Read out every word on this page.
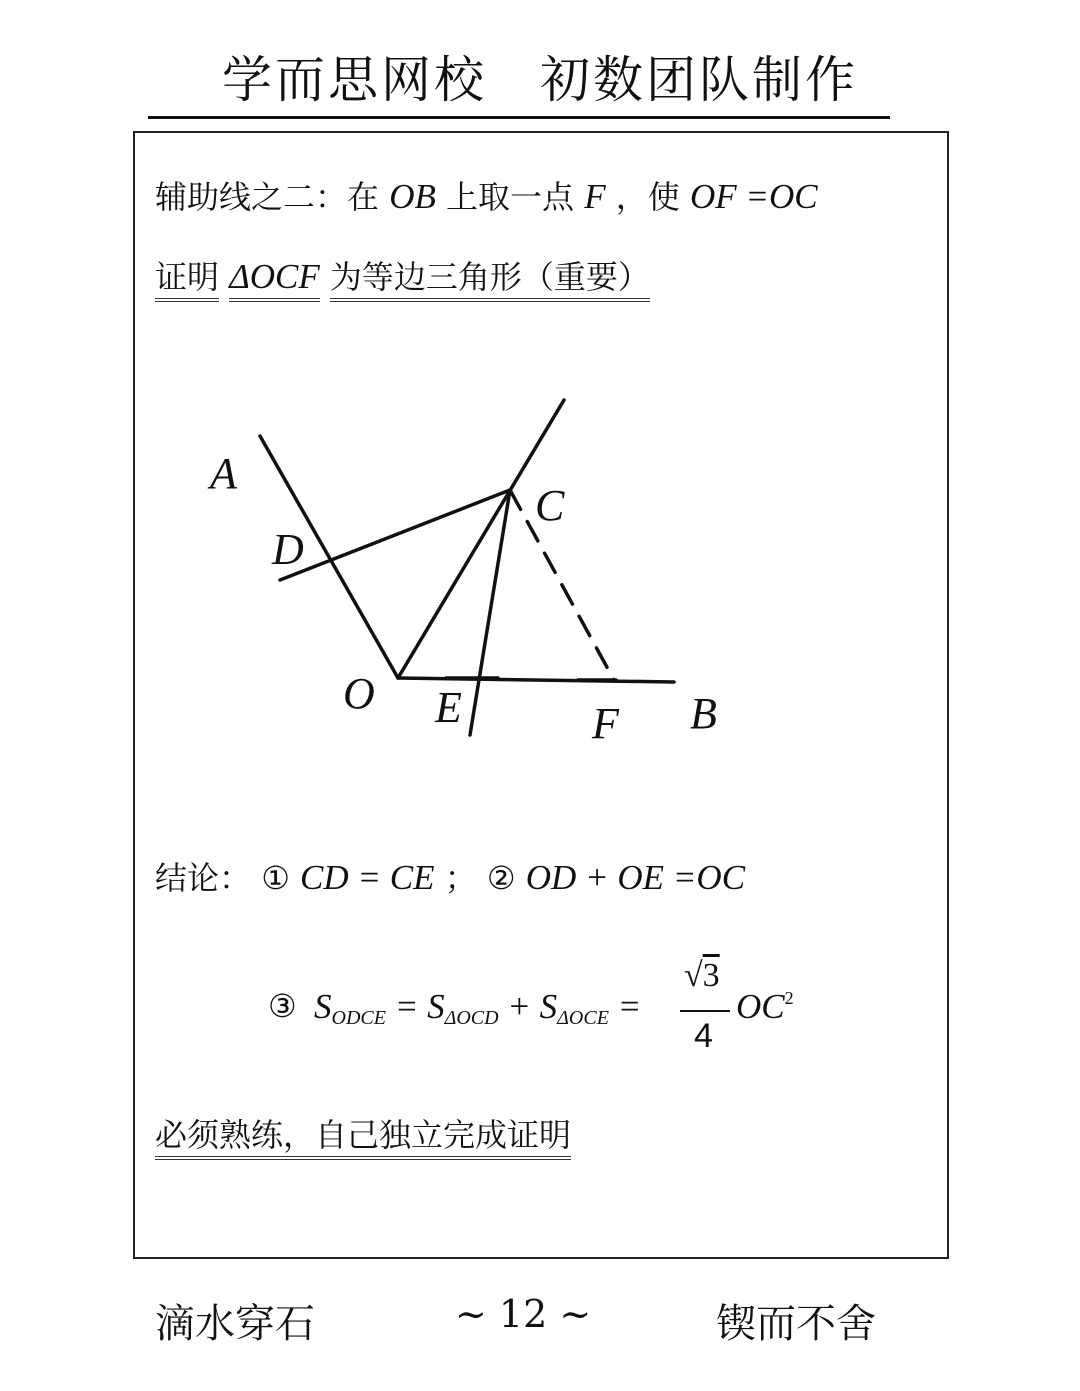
学而思网校　初数团队制作
辅助线之二：在 OB 上取一点 F ，使 OF =OC
证明 ΔOCF 为等边三角形（重要）
A
C
D
O E	F B
结论： ① CD = CE ； ② OD + OE =OC
③ $S_{ODCE} = S_{\Delta OCD} + S_{\Delta OCE}$ =
√3
4
$OC^2$
必须熟练，自己独立完成证明
滴水穿石	~ 12 ~	锲而不舍
